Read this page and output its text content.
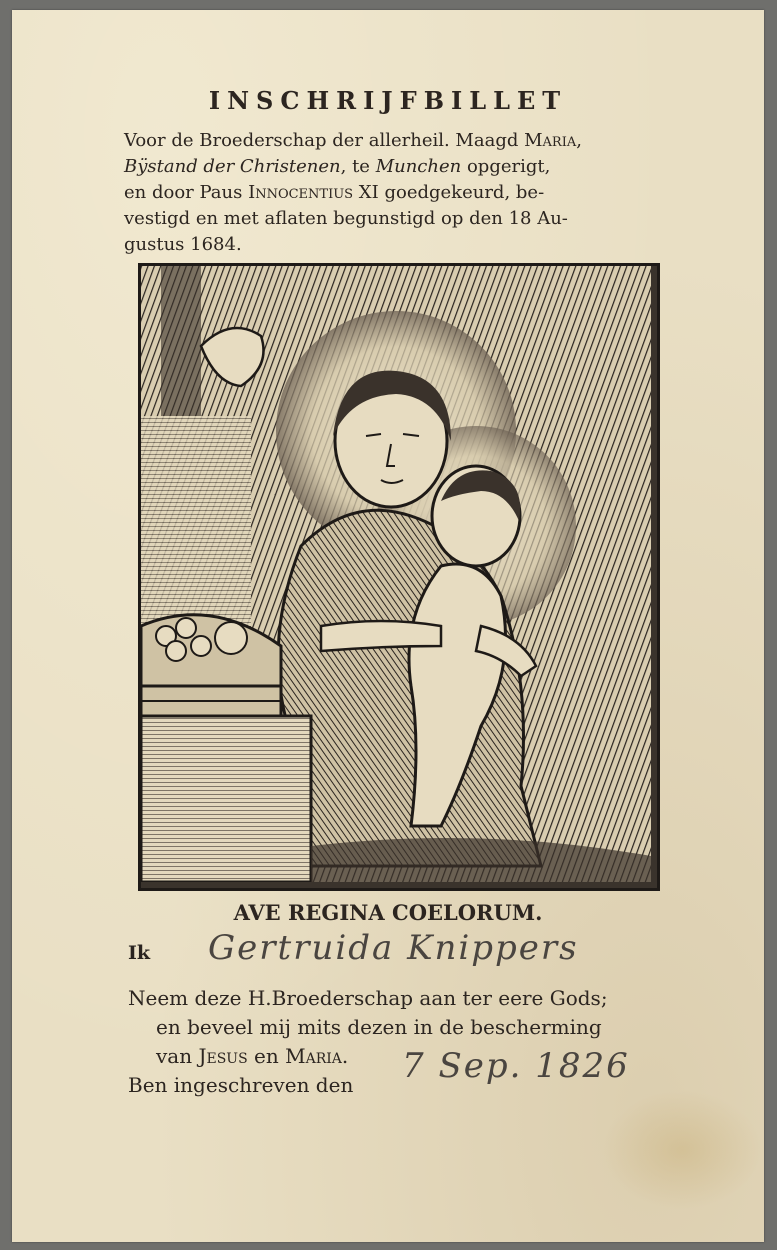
INSCHRIJFBILLET
Voor de Broederschap der allerheil. Maagd Maria,
Bÿstand der Christenen, te Munchen opgerigt,
en door Paus Innocentius XI goedgekeurd, be-
vestigd en met aflaten begunstigd op den 18 Au-
gustus 1684.
AVE REGINA COELORUM.
Ik Gertruida Knippers
Neem deze H.Broederschap aan ter eere Gods;
en beveel mij mits dezen in de bescherming
van Jesus en Maria.
Ben ingeschreven den	7 Sep. 1826
